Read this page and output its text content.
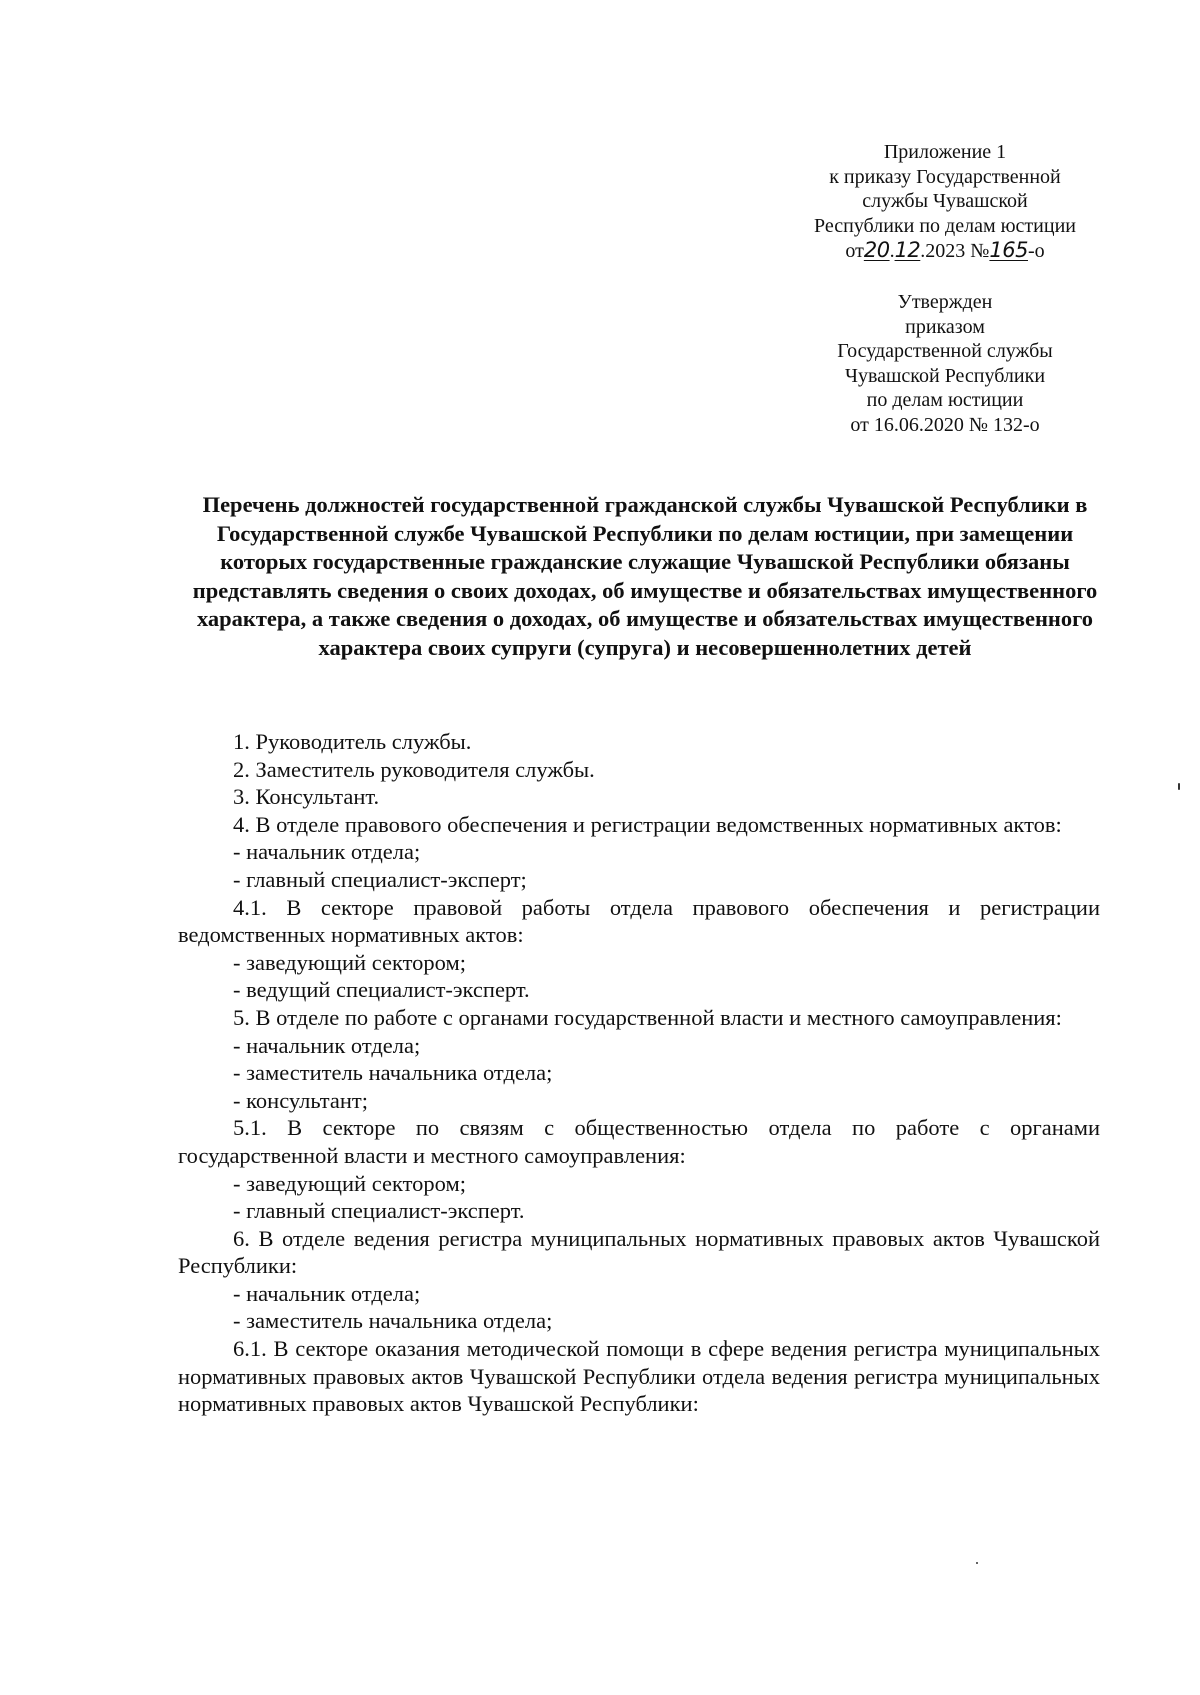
Приложение 1
к приказу Государственной
службы Чувашской
Республики по делам юстиции
от20.12.2023 №165-о
Утвержден
приказом
Государственной службы
Чувашской Республики
по делам юстиции
от 16.06.2020 № 132-о
Перечень должностей государственной гражданской службы Чувашской Республики в Государственной службе Чувашской Республики по делам юстиции, при замещении которых государственные гражданские служащие Чувашской Республики обязаны представлять сведения о своих доходах, об имуществе и обязательствах имущественного характера, а также сведения о доходах, об имуществе и обязательствах имущественного характера своих супруги (супруга) и несовершеннолетних детей

1. Руководитель службы.

2. Заместитель руководителя службы.

3. Консультант.

4. В отделе правового обеспечения и регистрации ведомственных нормативных актов:

- начальник отдела;

- главный специалист-эксперт;

4.1. В секторе правовой работы отдела правового обеспечения и регистрации ведомственных нормативных актов:

- заведующий сектором;

- ведущий специалист-эксперт.

5. В отделе по работе с органами государственной власти и местного самоуправления:

- начальник отдела;

- заместитель начальника отдела;

- консультант;

5.1. В секторе по связям с общественностью отдела по работе с органами государственной власти и местного самоуправления:

- заведующий сектором;

- главный специалист-эксперт.

6. В отделе ведения регистра муниципальных нормативных правовых актов Чувашской Республики:

- начальник отдела;

- заместитель начальника отдела;

6.1. В секторе оказания методической помощи в сфере ведения регистра муниципальных нормативных правовых актов Чувашской Республики отдела ведения регистра муниципальных нормативных правовых актов Чувашской Республики:
